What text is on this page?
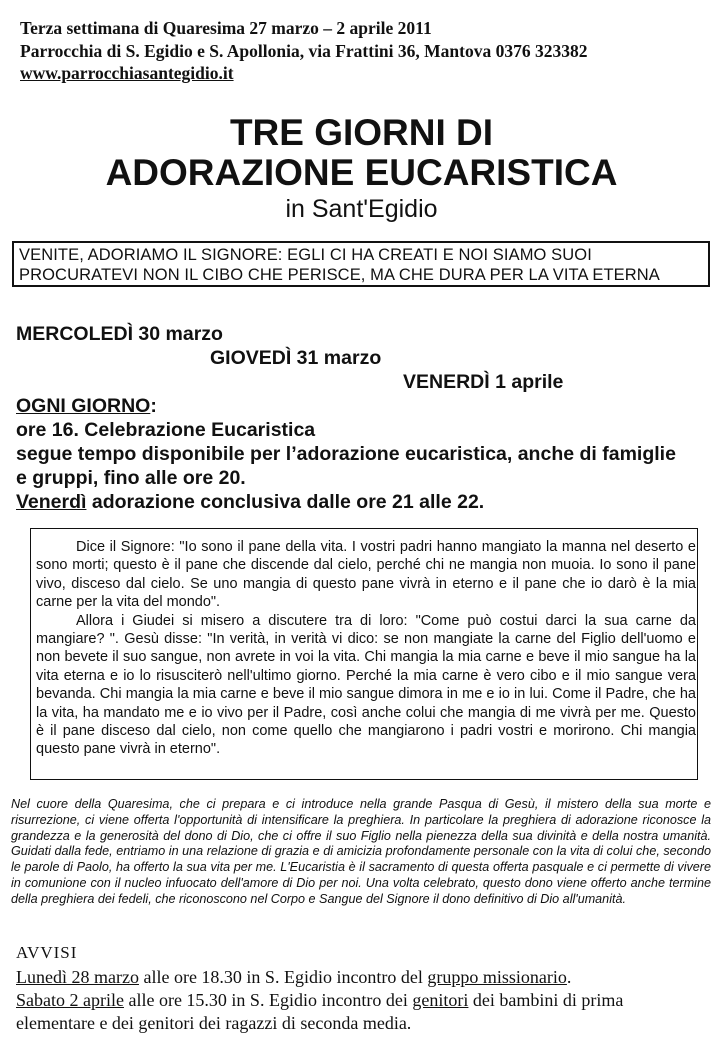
Terza settimana di Quaresima 27 marzo – 2 aprile 2011
Parrocchia di S. Egidio e S. Apollonia, via Frattini 36, Mantova 0376 323382
www.parrocchiasantegidio.it
TRE GIORNI DI
ADORAZIONE EUCARISTICA
in Sant'Egidio
VENITE, ADORIAMO IL SIGNORE: EGLI CI HA CREATI E NOI SIAMO SUOI
PROCURATEVI NON IL CIBO CHE PERISCE, MA CHE DURA PER LA VITA ETERNA
MERCOLEDÌ 30 marzo
GIOVEDÌ 31 marzo
VENERDÌ 1 aprile
OGNI GIORNO:
ore 16. Celebrazione Eucaristica
segue tempo disponibile per l’adorazione eucaristica, anche di famiglie
e gruppi, fino alle ore 20.
Venerdì adorazione conclusiva dalle ore 21 alle 22.

Dice il Signore: "Io sono il pane della vita. I vostri padri hanno mangiato la manna nel deserto e sono morti; questo è il pane che discende dal cielo, perché chi ne mangia non muoia. Io sono il pane vivo, disceso dal cielo. Se uno mangia di questo pane vivrà in eterno e il pane che io darò è la mia carne per la vita del mondo".

Allora i Giudei si misero a discutere tra di loro: "Come può costui darci la sua carne da mangiare? ". Gesù disse: "In verità, in verità vi dico: se non mangiate la carne del Figlio dell'uomo e non bevete il suo sangue, non avrete in voi la vita. Chi mangia la mia carne e beve il mio sangue ha la vita eterna e io lo risusciterò nell'ultimo giorno. Perché la mia carne è vero cibo e il mio sangue vera bevanda. Chi mangia la mia carne e beve il mio sangue dimora in me e io in lui. Come il Padre, che ha la vita, ha mandato me e io vivo per il Padre, così anche colui che mangia di me vivrà per me. Questo è il pane disceso dal cielo, non come quello che mangiarono i padri vostri e morirono. Chi mangia questo pane vivrà in eterno".

Nel cuore della Quaresima, che ci prepara e ci introduce nella grande Pasqua di Gesù, il mistero della sua morte e risurrezione, ci viene offerta l'opportunità di intensificare la preghiera. In particolare la preghiera di adorazione riconosce la grandezza e la generosità del dono di Dio, che ci offre il suo Figlio nella pienezza della sua divinità e della nostra umanità. Guidati dalla fede, entriamo in una relazione di grazia e di amicizia profondamente personale con la vita di colui che, secondo le parole di Paolo, ha offerto la sua vita per me. L'Eucaristia è il sacramento di questa offerta pasquale e ci permette di vivere in comunione con il nucleo infuocato dell'amore di Dio per noi. Una volta celebrato, questo dono viene offerto anche termine della preghiera dei fedeli, che riconoscono nel Corpo e Sangue del Signore il dono definitivo di Dio all'umanità.
AVVISI
Lunedì 28 marzo alle ore 18.30 in S. Egidio incontro del gruppo missionario.
Sabato 2 aprile alle ore 15.30 in S. Egidio incontro dei genitori dei bambini di prima
elementare e dei genitori dei ragazzi di seconda media.
